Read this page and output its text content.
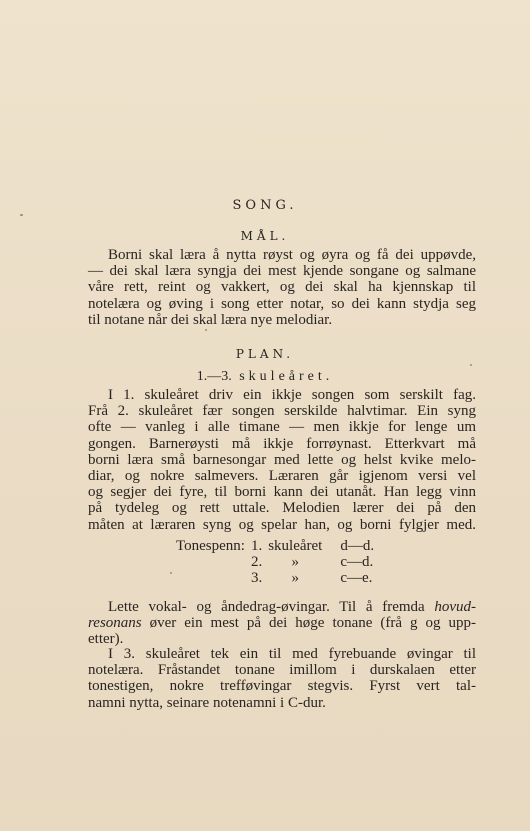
SONG.
MÅL.
Borni skal læra å nytta røyst og øyra og få dei uppøvde,
— dei skal læra syngja dei mest kjende songane og salmane
våre rett, reint og vakkert, og dei skal ha kjennskap til
notelæra og øving i song etter notar, so dei kann stydja seg
til notane når dei skal læra nye melodiar.
PLAN.
1.—3. skuleåret.
I 1. skuleåret driv ein ikkje songen som serskilt fag.
Frå 2. skuleåret fær songen serskilde halvtimar. Ein syng
ofte — vanleg i alle timane — men ikkje for lenge um
gongen. Barnerøysti må ikkje forrøynast. Etterkvart må
borni læra små barnesongar med lette og helst kvike melo-
diar, og nokre salmevers. Læraren går igjenom versi vel
og segjer dei fyre, til borni kann dei utanåt. Han legg vinn
på tydeleg og rett uttale. Melodien lærer dei på den
måten at læraren syng og spelar han, og borni fylgjer med.
Tonespenn:	1.	skuleåret	d—d.
	2.	»	c—d.
	3.	»	c—e.
Lette vokal- og åndedrag-øvingar. Til å fremda hovud-
resonans øver ein mest på dei høge tonane (frå g og upp-
etter).
I 3. skuleåret tek ein til med fyrebuande øvingar til
notelæra. Fråstandet tonane imillom i durskalaen etter
tonestigen, nokre trefføvingar stegvis. Fyrst vert tal-
namni nytta, seinare notenamni i C-dur.
